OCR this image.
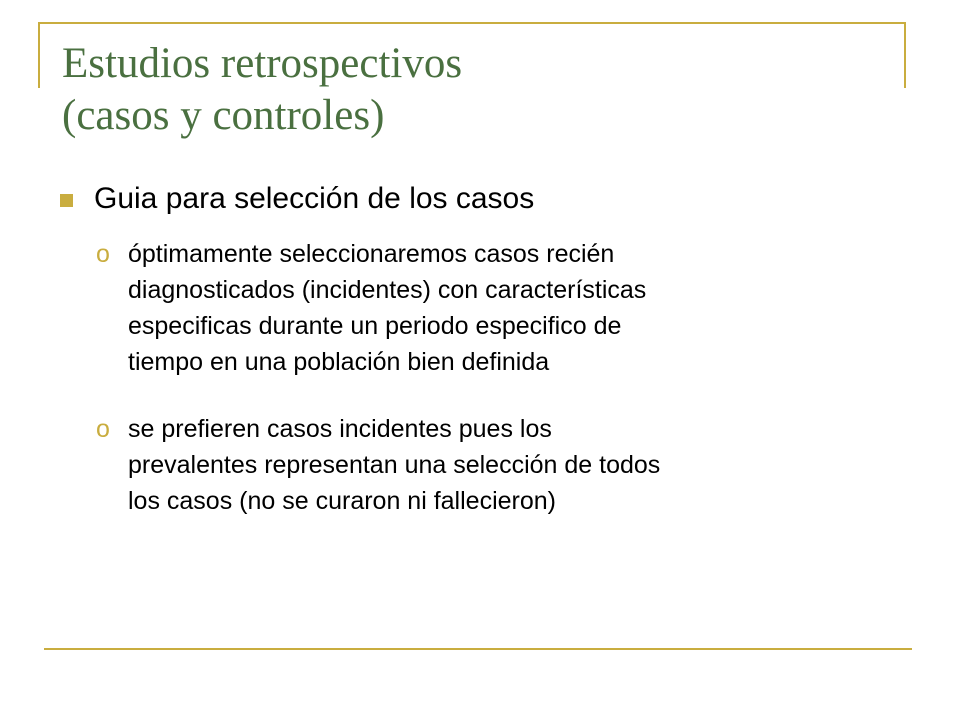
Estudios retrospectivos
(casos y controles)
Guia para selección de los casos
o óptimamente seleccionaremos casos recién
diagnosticados (incidentes) con características
especificas durante un periodo especifico de
tiempo en una población bien definida
o se prefieren casos incidentes pues los
prevalentes representan una selección de todos
los casos (no se curaron ni fallecieron)
